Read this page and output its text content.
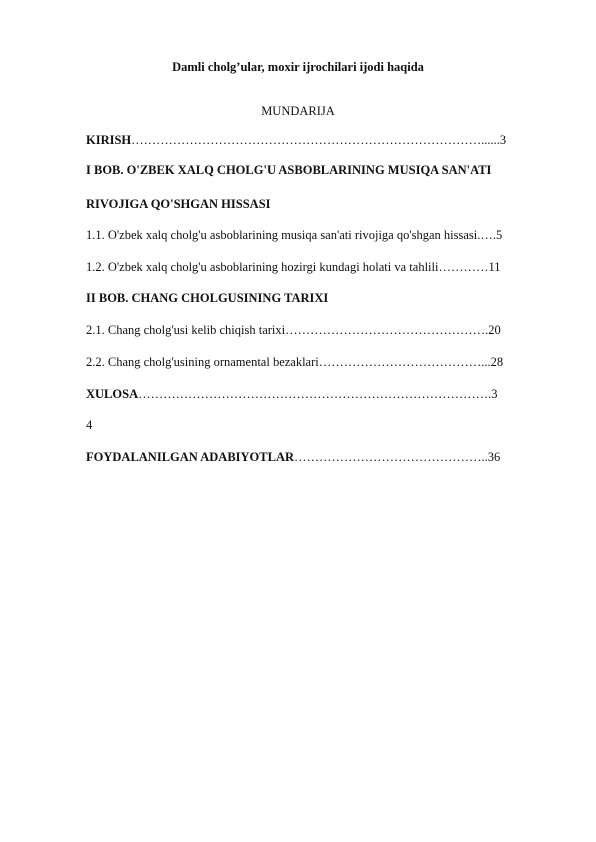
Damli cholg’ular, moxir ijrochilari ijodi haqida
MUNDARIJA
KIRISH…………………………………………………………………………......3
I BOB. O'ZBEK XALQ CHOLG'U ASBOBLARINING MUSIQA SAN'ATI
RIVOJIGA QO'SHGAN HISSASI
1.1. O'zbek xalq cholg'u asboblarining musiqa san'ati rivojiga qo'shgan hissasi.….5
1.2. O'zbek xalq cholg'u asboblarining hozirgi kundagi holati va tahlili…………11
II BOB. CHANG CHOLGUSINING TARIXI
2.1. Chang cholg'usi kelib chiqish tarixi………………………………………….20
2.2. Chang cholg'usining ornamental bezaklari…………………………………...28
XULOSA………………………………………………………………………….3
4
FOYDALANILGAN ADABIYOTLAR………………………………………..36
